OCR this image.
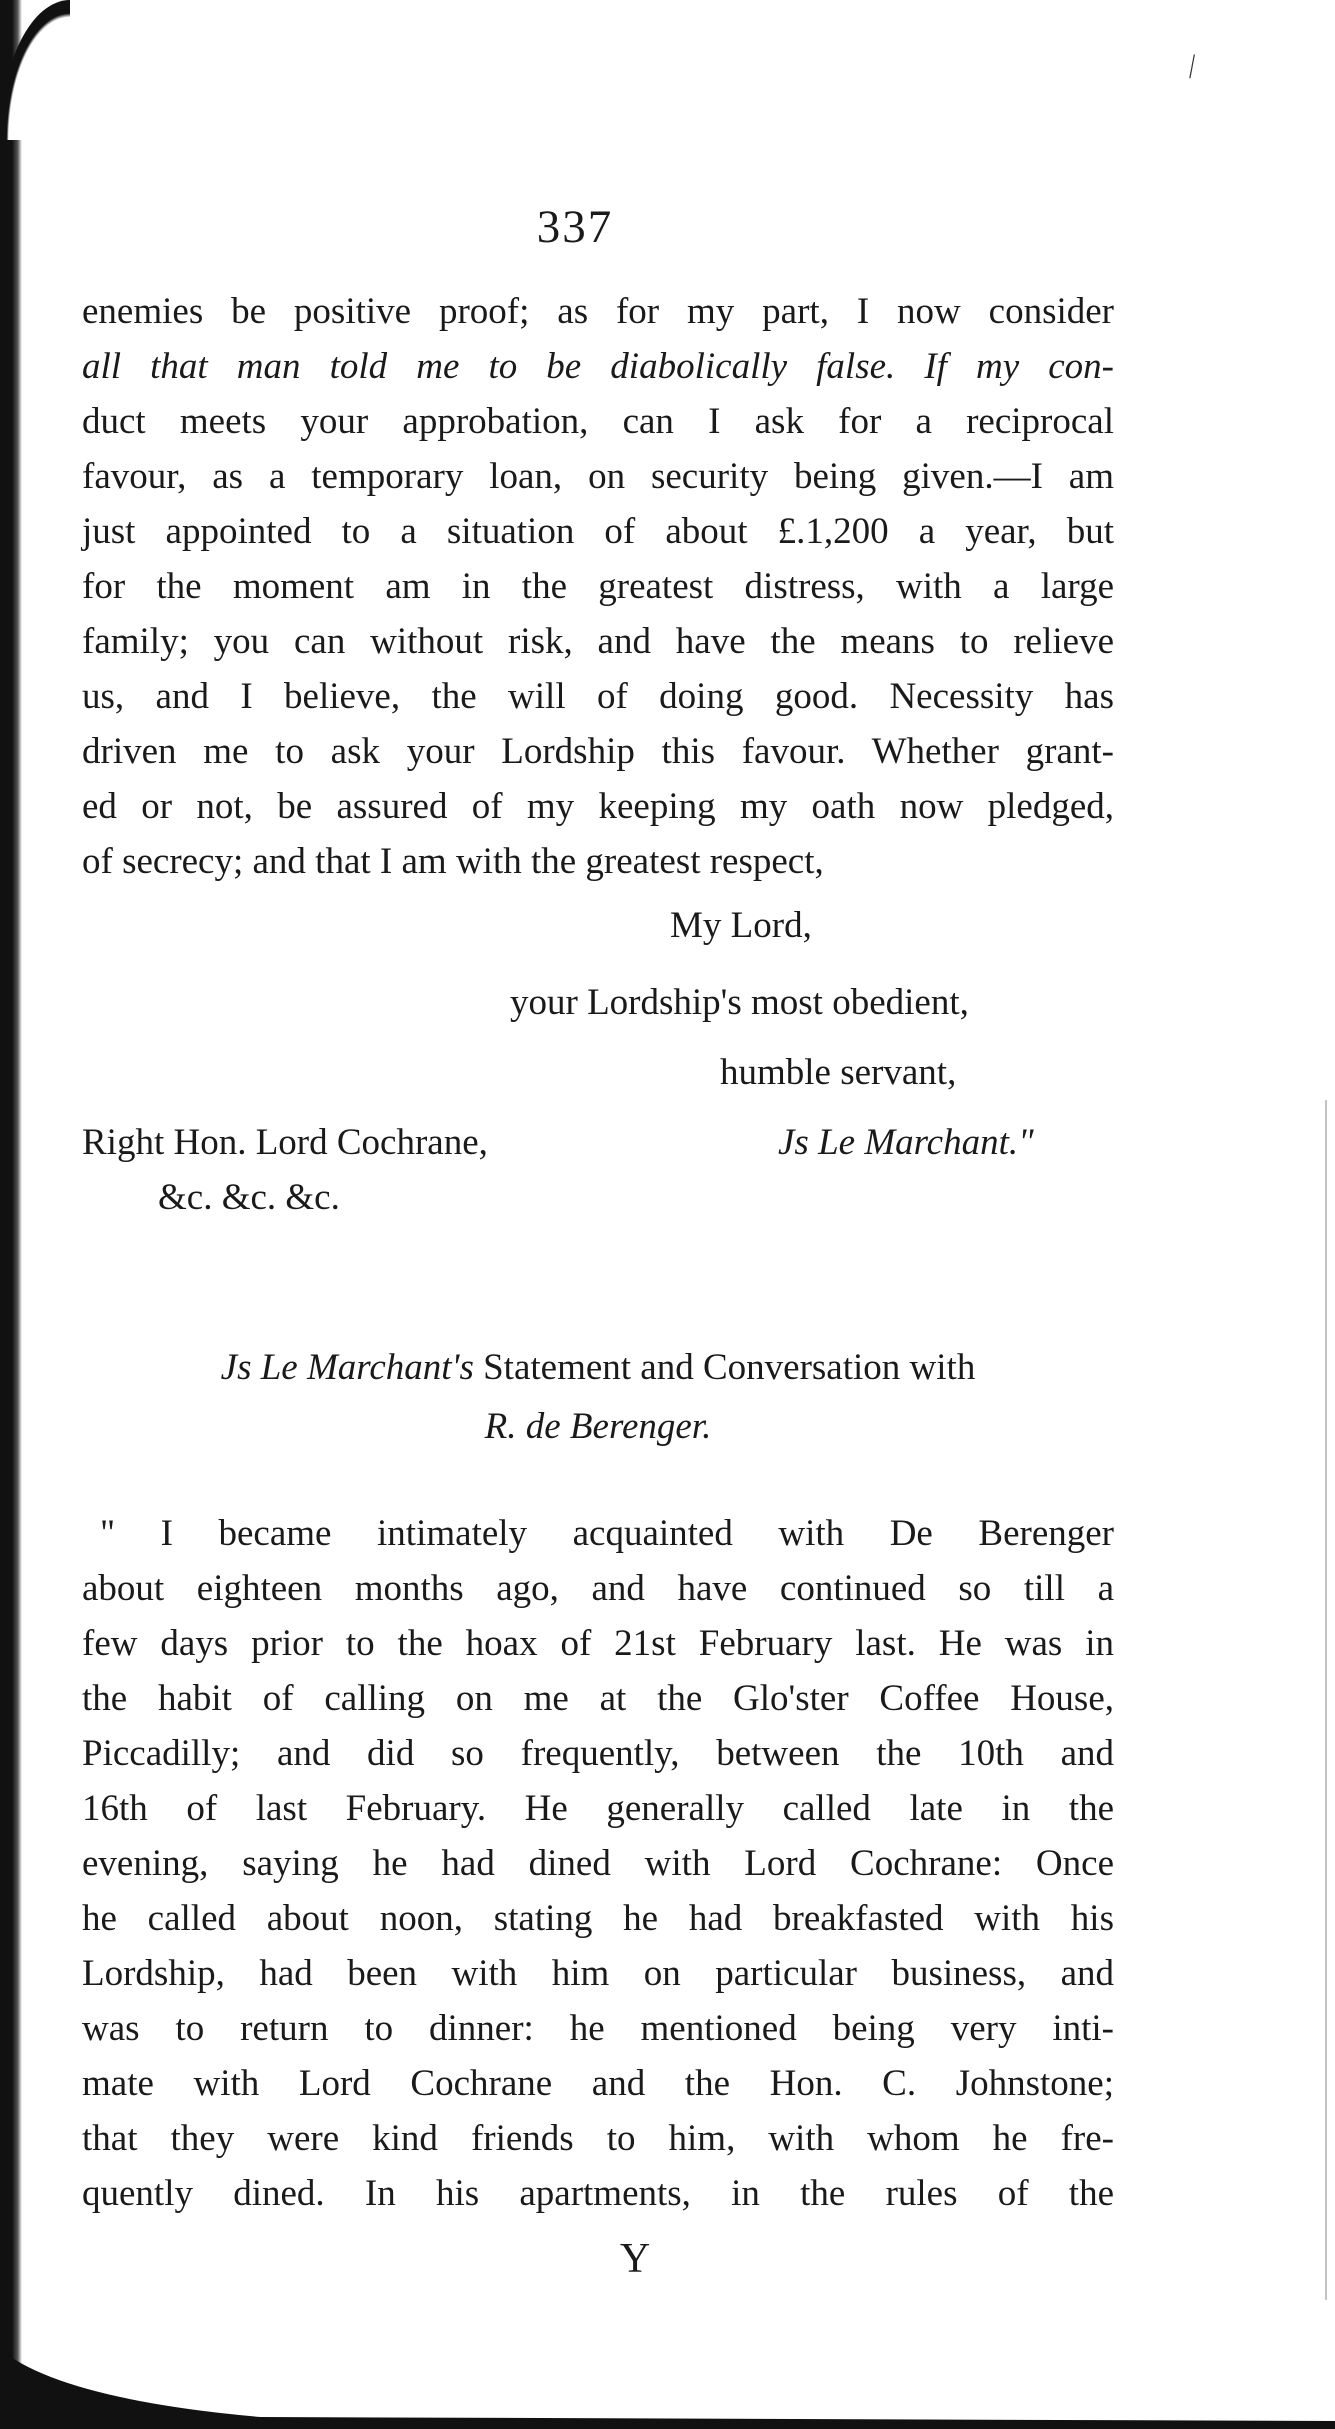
⁄
337
enemies be positive proof; as for my part, I now consider
all that man told me to be diabolically false. If my con-
duct meets your approbation, can I ask for a reciprocal
favour, as a temporary loan, on security being given.—I am
just appointed to a situation of about £.1,200 a year, but
for the moment am in the greatest distress, with a large
family; you can without risk, and have the means to relieve
us, and I believe, the will of doing good. Necessity has
driven me to ask your Lordship this favour. Whether grant-
ed or not, be assured of my keeping my oath now pledged,
of secrecy; and that I am with the greatest respect,
My Lord,
your Lordship's most obedient,
humble servant,
Right Hon. Lord Cochrane,	Js Le Marchant."
&c. &c. &c.
Js Le Marchant's Statement and Conversation with
R. de Berenger.
" I became intimately acquainted with De Berenger
about eighteen months ago, and have continued so till a
few days prior to the hoax of 21st February last. He was in
the habit of calling on me at the Glo'ster Coffee House,
Piccadilly; and did so frequently, between the 10th and
16th of last February. He generally called late in the
evening, saying he had dined with Lord Cochrane: Once
he called about noon, stating he had breakfasted with his
Lordship, had been with him on particular business, and
was to return to dinner: he mentioned being very inti-
mate with Lord Cochrane and the Hon. C. Johnstone;
that they were kind friends to him, with whom he fre-
quently dined. In his apartments, in the rules of the
Y
